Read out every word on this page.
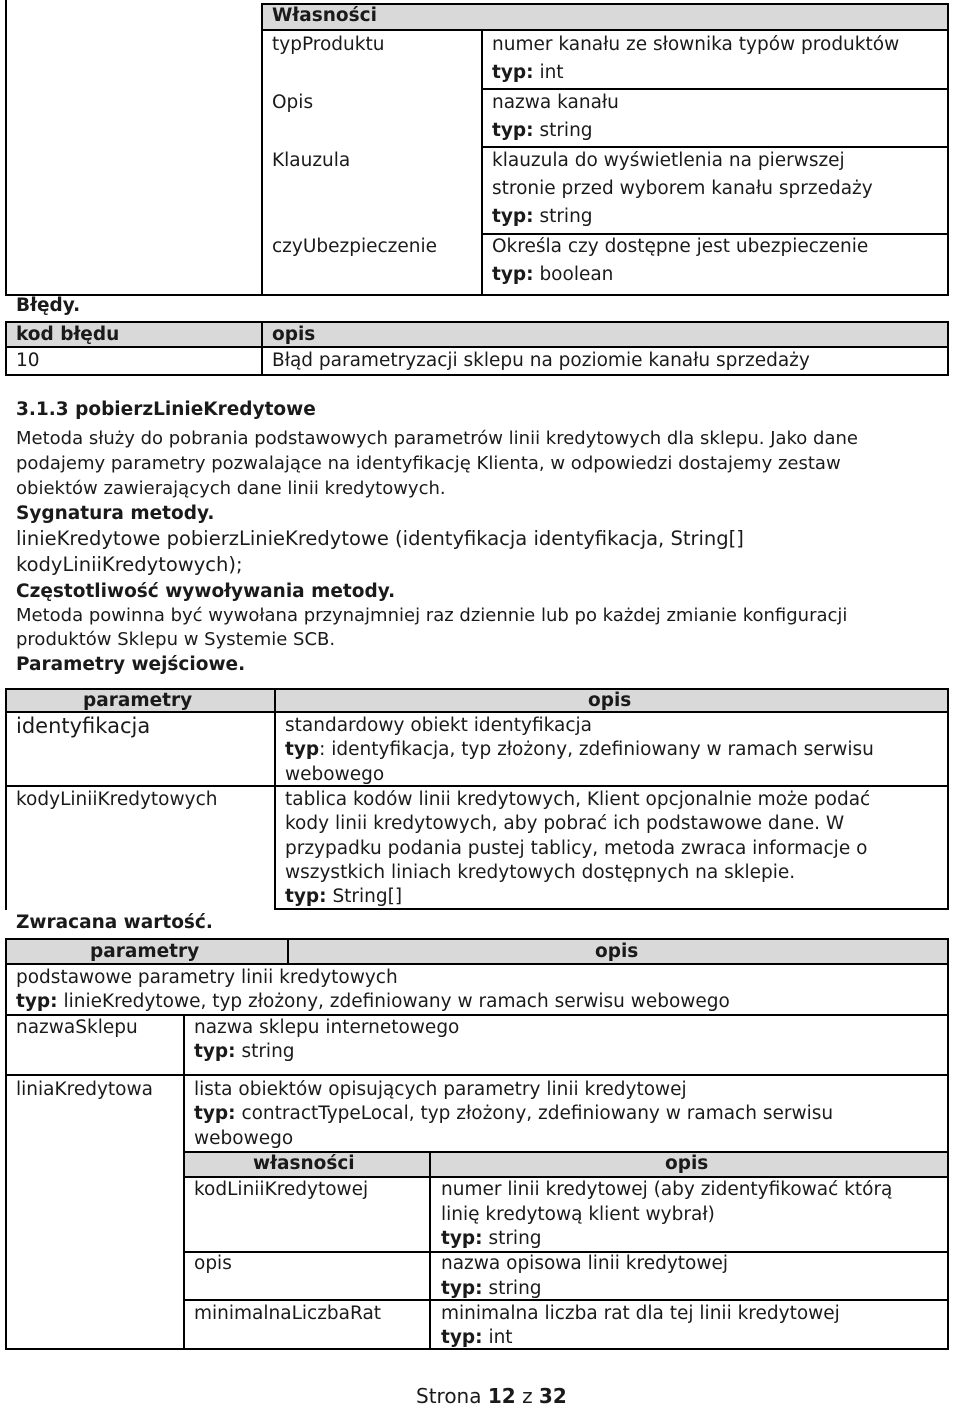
Własności
typProduktu	numer kanału ze słownika typów produktów
typ: int
Opis	nazwa kanału
typ: string
Klauzula	klauzula do wyświetlenia na pierwszej
stronie przed wyborem kanału sprzedaży
typ: string
czyUbezpieczenie	Określa czy dostępne jest ubezpieczenie
typ: boolean
Błędy.
kod błędu	opis
10	Błąd parametryzacji sklepu na poziomie kanału sprzedaży
3.1.3 pobierzLinieKredytowe
Metoda służy do pobrania podstawowych parametrów linii kredytowych dla sklepu. Jako dane
podajemy parametry pozwalające na identyfikację Klienta, w odpowiedzi dostajemy zestaw
obiektów zawierających dane linii kredytowych.
Sygnatura metody.
linieKredytowe pobierzLinieKredytowe (identyfikacja identyfikacja, String[]
kodyLiniiKredytowych);
Częstotliwość wywoływania metody.
Metoda powinna być wywołana przynajmniej raz dziennie lub po każdej zmianie konfiguracji
produktów Sklepu w Systemie SCB.
Parametry wejściowe.
parametry	opis
identyfikacja	standardowy obiekt identyfikacja
typ: identyfikacja, typ złożony, zdefiniowany w ramach serwisu
webowego
kodyLiniiKredytowych	tablica kodów linii kredytowych, Klient opcjonalnie może podać
kody linii kredytowych, aby pobrać ich podstawowe dane. W
przypadku podania pustej tablicy, metoda zwraca informacje o
wszystkich liniach kredytowych dostępnych na sklepie.
typ: String[]
Zwracana wartość.
parametry	opis
podstawowe parametry linii kredytowych
typ: linieKredytowe, typ złożony, zdefiniowany w ramach serwisu webowego
nazwaSklepu	nazwa sklepu internetowego
typ: string
liniaKredytowa lista obiektów opisujących parametry linii kredytowej
typ: contractTypeLocal, typ złożony, zdefiniowany w ramach serwisu
webowego
własności	opis
kodLiniiKredytowej	numer linii kredytowej (aby zidentyfikować którą
linię kredytową klient wybrał)
typ: string
opis	nazwa opisowa linii kredytowej
typ: string
minimalnaLiczbaRat	minimalna liczba rat dla tej linii kredytowej
typ: int
Strona 12 z 32
